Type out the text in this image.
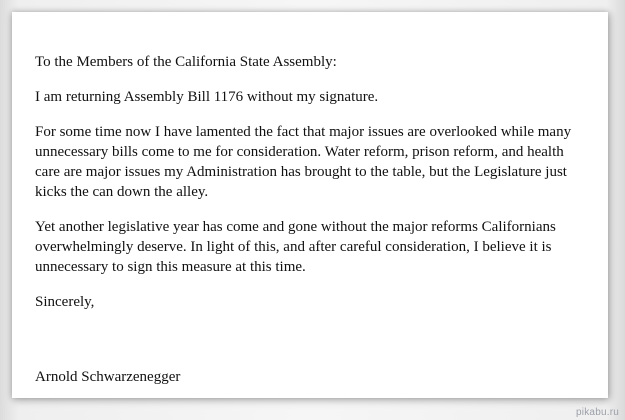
To the Members of the California State Assembly:

I am returning Assembly Bill 1176 without my signature.

For some time now I have lamented the fact that major issues are overlooked while many
unnecessary bills come to me for consideration. Water reform, prison reform, and health
care are major issues my Administration has brought to the table, but the Legislature just
kicks the can down the alley.

Yet another legislative year has come and gone without the major reforms Californians
overwhelmingly deserve. In light of this, and after careful consideration, I believe it is
unnecessary to sign this measure at this time.

Sincerely,

Arnold Schwarzenegger

pikabu.ru
